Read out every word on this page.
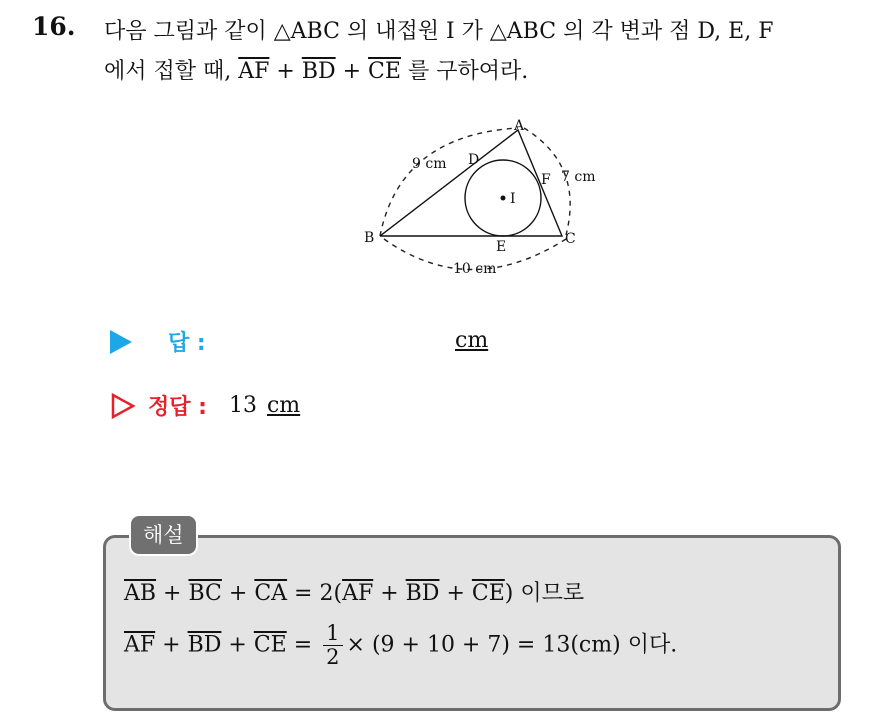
16. 다음 그림과 같이 △ABC 의 내접원 I 가 △ABC 의 각 변과 점 D, E, F
에서 접할 때, $\overline{AF} + \overline{BD} + \overline{CE}$ 를 구하여라.
A
B	C
D
E
F
I
9 cm
7 cm
10 cm
답 :	cm
정답 : 13 cm
해설
$\overline{AB} + \overline{BC} + \overline{CA} = 2(\overline{AF} + \overline{BD} + \overline{CE})$ 이므로
$\overline{AF} + \overline{BD} + \overline{CE} = \frac{1}{2} \times (9 + 10 + 7) = 13(cm)$ 이다.
